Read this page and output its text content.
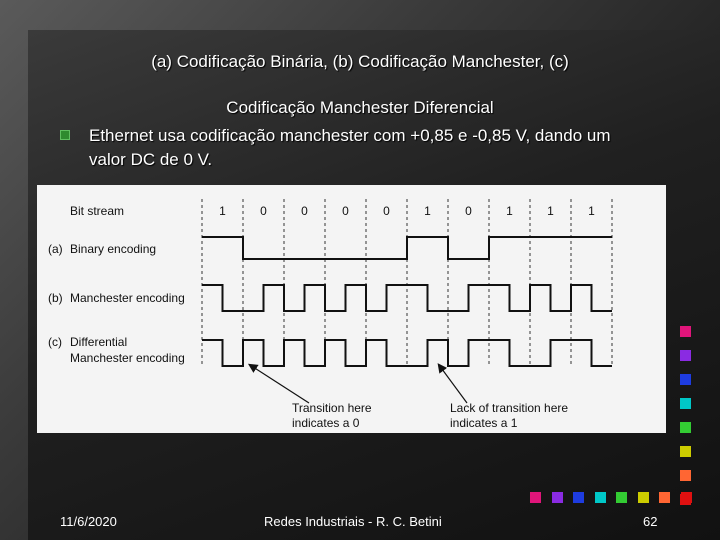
(a) Codificação Binária, (b) Codificação Manchester, (c)
Codificação Manchester Diferencial
Ethernet usa codificação manchester com +0,85 e -0,85 V, dando um valor DC de 0 V.
Bit stream	1	0	0	0	0	1	0	1	1	1
(a) Binary encoding
(b) Manchester encoding
(c) Differential
Manchester encoding
Transition here
indicates a 0
Lack of transition here
indicates a 1
11/6/2020	Redes Industriais - R. C. Betini	62
